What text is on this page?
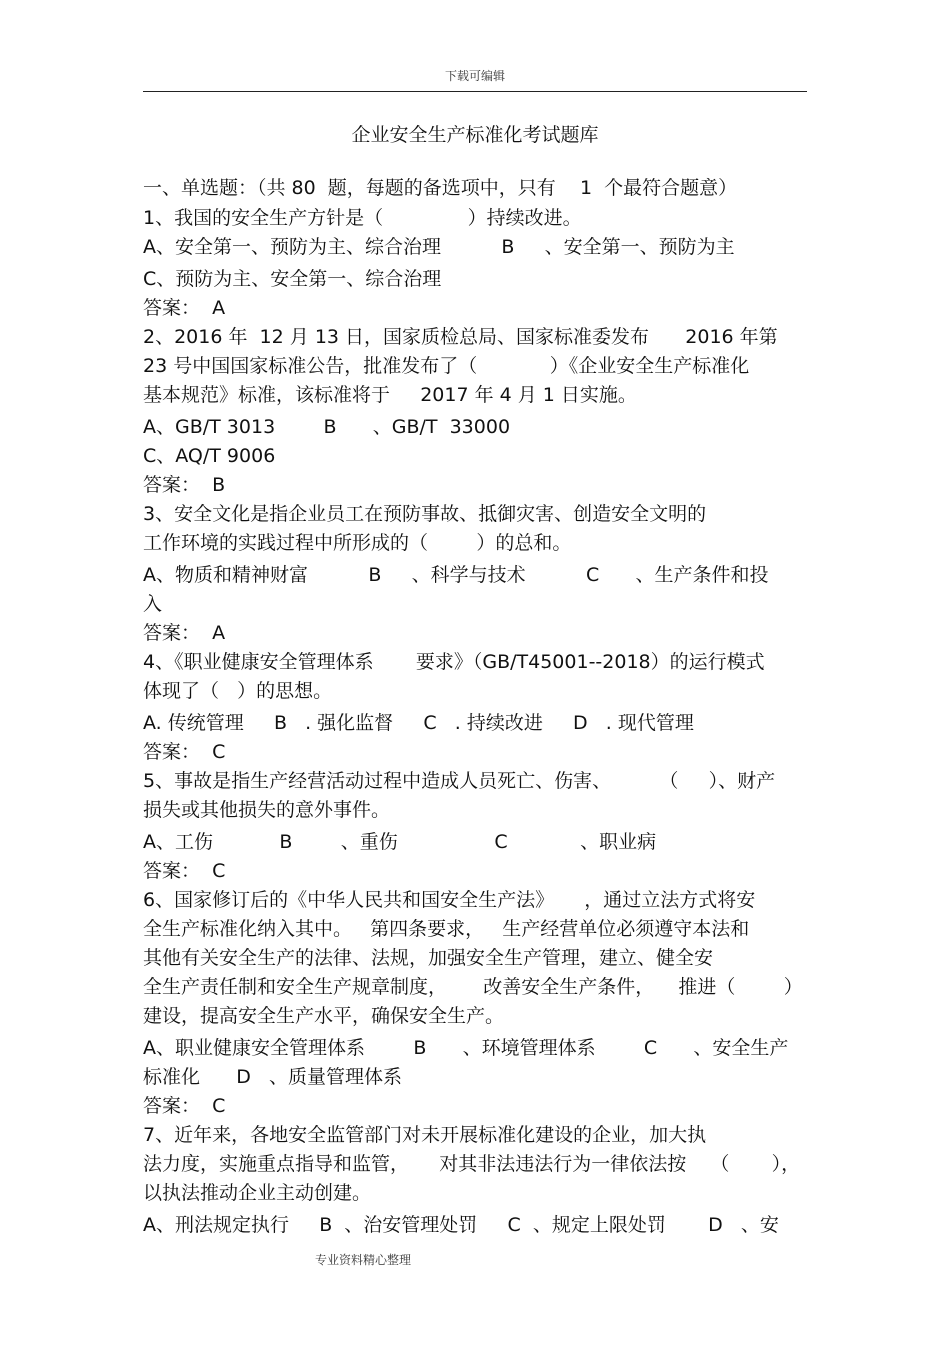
下载可编辑
企业安全生产标准化考试题库
一、单选题：（共 80  题，每题的备选项中，只有    1  个最符合题意）
1、我国的安全生产方针是（              ）持续改进。
A、安全第一、预防为主、综合治理          B     、安全第一、预防为主
C、预防为主、安全第一、综合治理
答案：  A
2、2016 年  12 月 13 日，国家质检总局、国家标准委发布      2016 年第
23 号中国国家标准公告，批准发布了（            ）《企业安全生产标准化
基本规范》标准，该标准将于     2017 年 4 月 1 日实施。
A、GB/T 3013        B      、GB/T  33000
C、AQ/T 9006
答案：  B
3、安全文化是指企业员工在预防事故、抵御灾害、创造安全文明的
工作环境的实践过程中所形成的（        ）的总和。
A、物质和精神财富          B     、科学与技术          C      、生产条件和投
入
答案：  A
4、《职业健康安全管理体系       要求》（GB/T45001--2018）的运行模式
体现了（   ）的思想。
A. 传统管理     B   . 强化监督     C   . 持续改进     D   . 现代管理
答案：  C
5、事故是指生产经营活动过程中造成人员死亡、伤害、        （     ）、财产
损失或其他损失的意外事件。
A、工伤           B        、重伤                C            、职业病
答案：  C
6、国家修订后的《中华人民共和国安全生产法》     ，通过立法方式将安
全生产标准化纳入其中。   第四条要求，   生产经营单位必须遵守本法和
其他有关安全生产的法律、法规，加强安全生产管理，建立、健全安
全生产责任制和安全生产规章制度，      改善安全生产条件，    推进（        ）
建设，提高安全生产水平，确保安全生产。
A、职业健康安全管理体系        B      、环境管理体系        C      、安全生产
标准化      D   、质量管理体系
答案：  C
7、近年来，各地安全监管部门对未开展标准化建设的企业，加大执
法力度，实施重点指导和监管，     对其非法违法行为一律依法按    （       ），
以执法推动企业主动创建。
A、刑法规定执行     B  、治安管理处罚     C  、规定上限处罚       D   、安
专业资料精心整理
